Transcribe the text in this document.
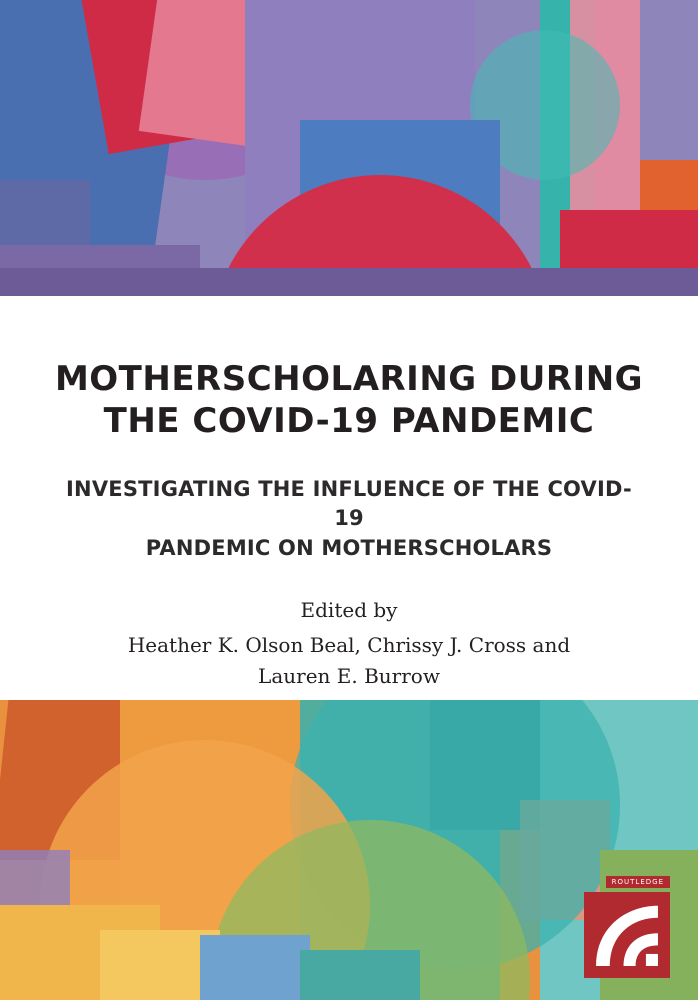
MOTHERSCHOLARING DURING
THE COVID-19 PANDEMIC
INVESTIGATING THE INFLUENCE OF THE COVID-19
PANDEMIC ON MOTHERSCHOLARS
Edited by
Heather K. Olson Beal, Chrissy J. Cross and
Lauren E. Burrow
ROUTLEDGE
